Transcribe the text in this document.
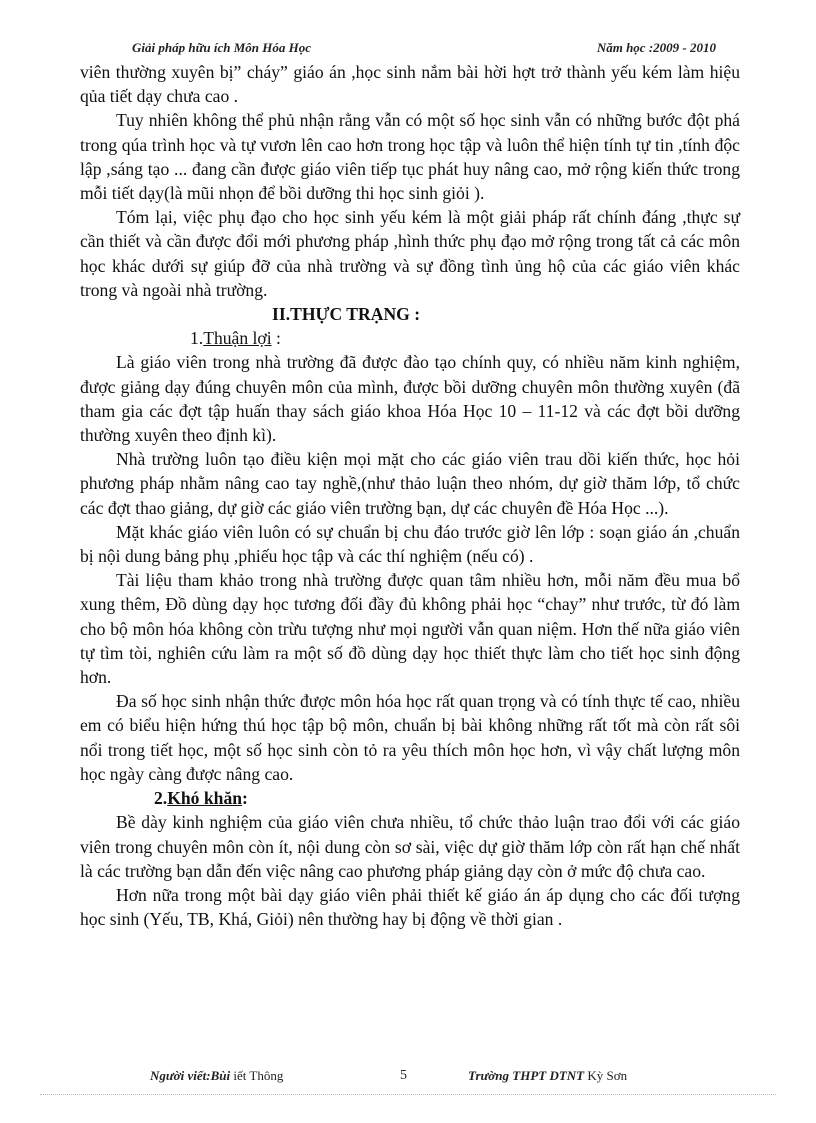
Giải pháp hữu ích Môn Hóa Học	Năm học :2009 - 2010

viên thường xuyên bị” cháy” giáo án ,học sinh nắm bài hời hợt trở thành yếu kém làm hiệu qủa tiết dạy chưa cao .

Tuy nhiên không thể phủ nhận rằng vẫn có một số học sinh vẫn có những bước đột phá trong qúa trình học và tự vươn lên cao hơn trong học tập và luôn thể hiện tính tự tin ,tính độc lập ,sáng tạo ... đang cần được giáo viên tiếp tục phát huy nâng cao, mở rộng kiến thức trong mỗi tiết dạy(là mũi nhọn để bồi dưỡng thi học sinh giỏi ).

Tóm lại, việc phụ đạo cho học sinh yếu kém là một giải pháp rất chính đáng ,thực sự cần thiết và cần được đổi mới phương pháp ,hình thức phụ đạo mở rộng trong tất cả các môn học khác dưới sự giúp đỡ của nhà trường và sự đồng tình ủng hộ của các giáo viên khác trong và ngoài nhà trường.

II.THỰC TRẠNG :

1.Thuận lợi :

Là giáo viên trong nhà trường đã được đào tạo chính quy, có nhiều năm kinh nghiệm, được giảng dạy đúng chuyên môn của mình, được bồi dưỡng chuyên môn thường xuyên (đã tham gia các đợt tập huấn thay sách giáo khoa Hóa Học 10 – 11-12 và các đợt bồi dưỡng thường xuyên theo định kì).

Nhà trường luôn tạo điều kiện mọi mặt cho các giáo viên trau dồi kiến thức, học hỏi phương pháp nhằm nâng cao tay nghề,(như thảo luận theo nhóm, dự giờ thăm lớp, tổ chức các đợt thao giảng, dự giờ các giáo viên trường bạn, dự các chuyên đề Hóa Học ...).

Mặt khác giáo viên luôn có sự chuẩn bị chu đáo trước giờ lên lớp : soạn giáo án ,chuẩn bị nội dung bảng phụ ,phiếu học tập và các thí nghiệm (nếu có) .

Tài liệu tham khảo trong nhà trường được quan tâm nhiều hơn, mỗi năm đều mua bổ xung thêm, Đồ dùng dạy học tương đối đầy đủ không phải học “chay” như trước, từ đó làm cho bộ môn hóa không còn trừu tượng như mọi người vẫn quan niệm. Hơn thế nữa giáo viên tự tìm tòi, nghiên cứu làm ra một số đồ dùng dạy học thiết thực làm cho tiết học sinh động hơn.

Đa số học sinh nhận thức được môn hóa học rất quan trọng và có tính thực tế cao, nhiều em có biểu hiện hứng thú học tập bộ môn, chuẩn bị bài không những rất tốt mà còn rất sôi nổi trong tiết học, một số học sinh còn tỏ ra yêu thích môn học hơn, vì vậy chất lượng môn học ngày càng được nâng cao.

2.Khó khăn:

Bề dày kinh nghiệm của giáo viên chưa nhiều, tổ chức thảo luận trao đổi với các giáo viên trong chuyên môn còn ít, nội dung còn sơ sài, việc dự giờ thăm lớp còn rất hạn chế nhất là các trường bạn dẫn đến việc nâng cao phương pháp giảng dạy còn ở mức độ chưa cao.

Hơn nữa trong một bài dạy giáo viên phải thiết kế giáo án áp dụng cho các đối tượng học sinh (Yếu, TB, Khá, Giỏi) nên thường hay bị động về thời gian .

Người viết:Bùi iết Thông	5	Trường THPT DTNT Kỳ Sơn
